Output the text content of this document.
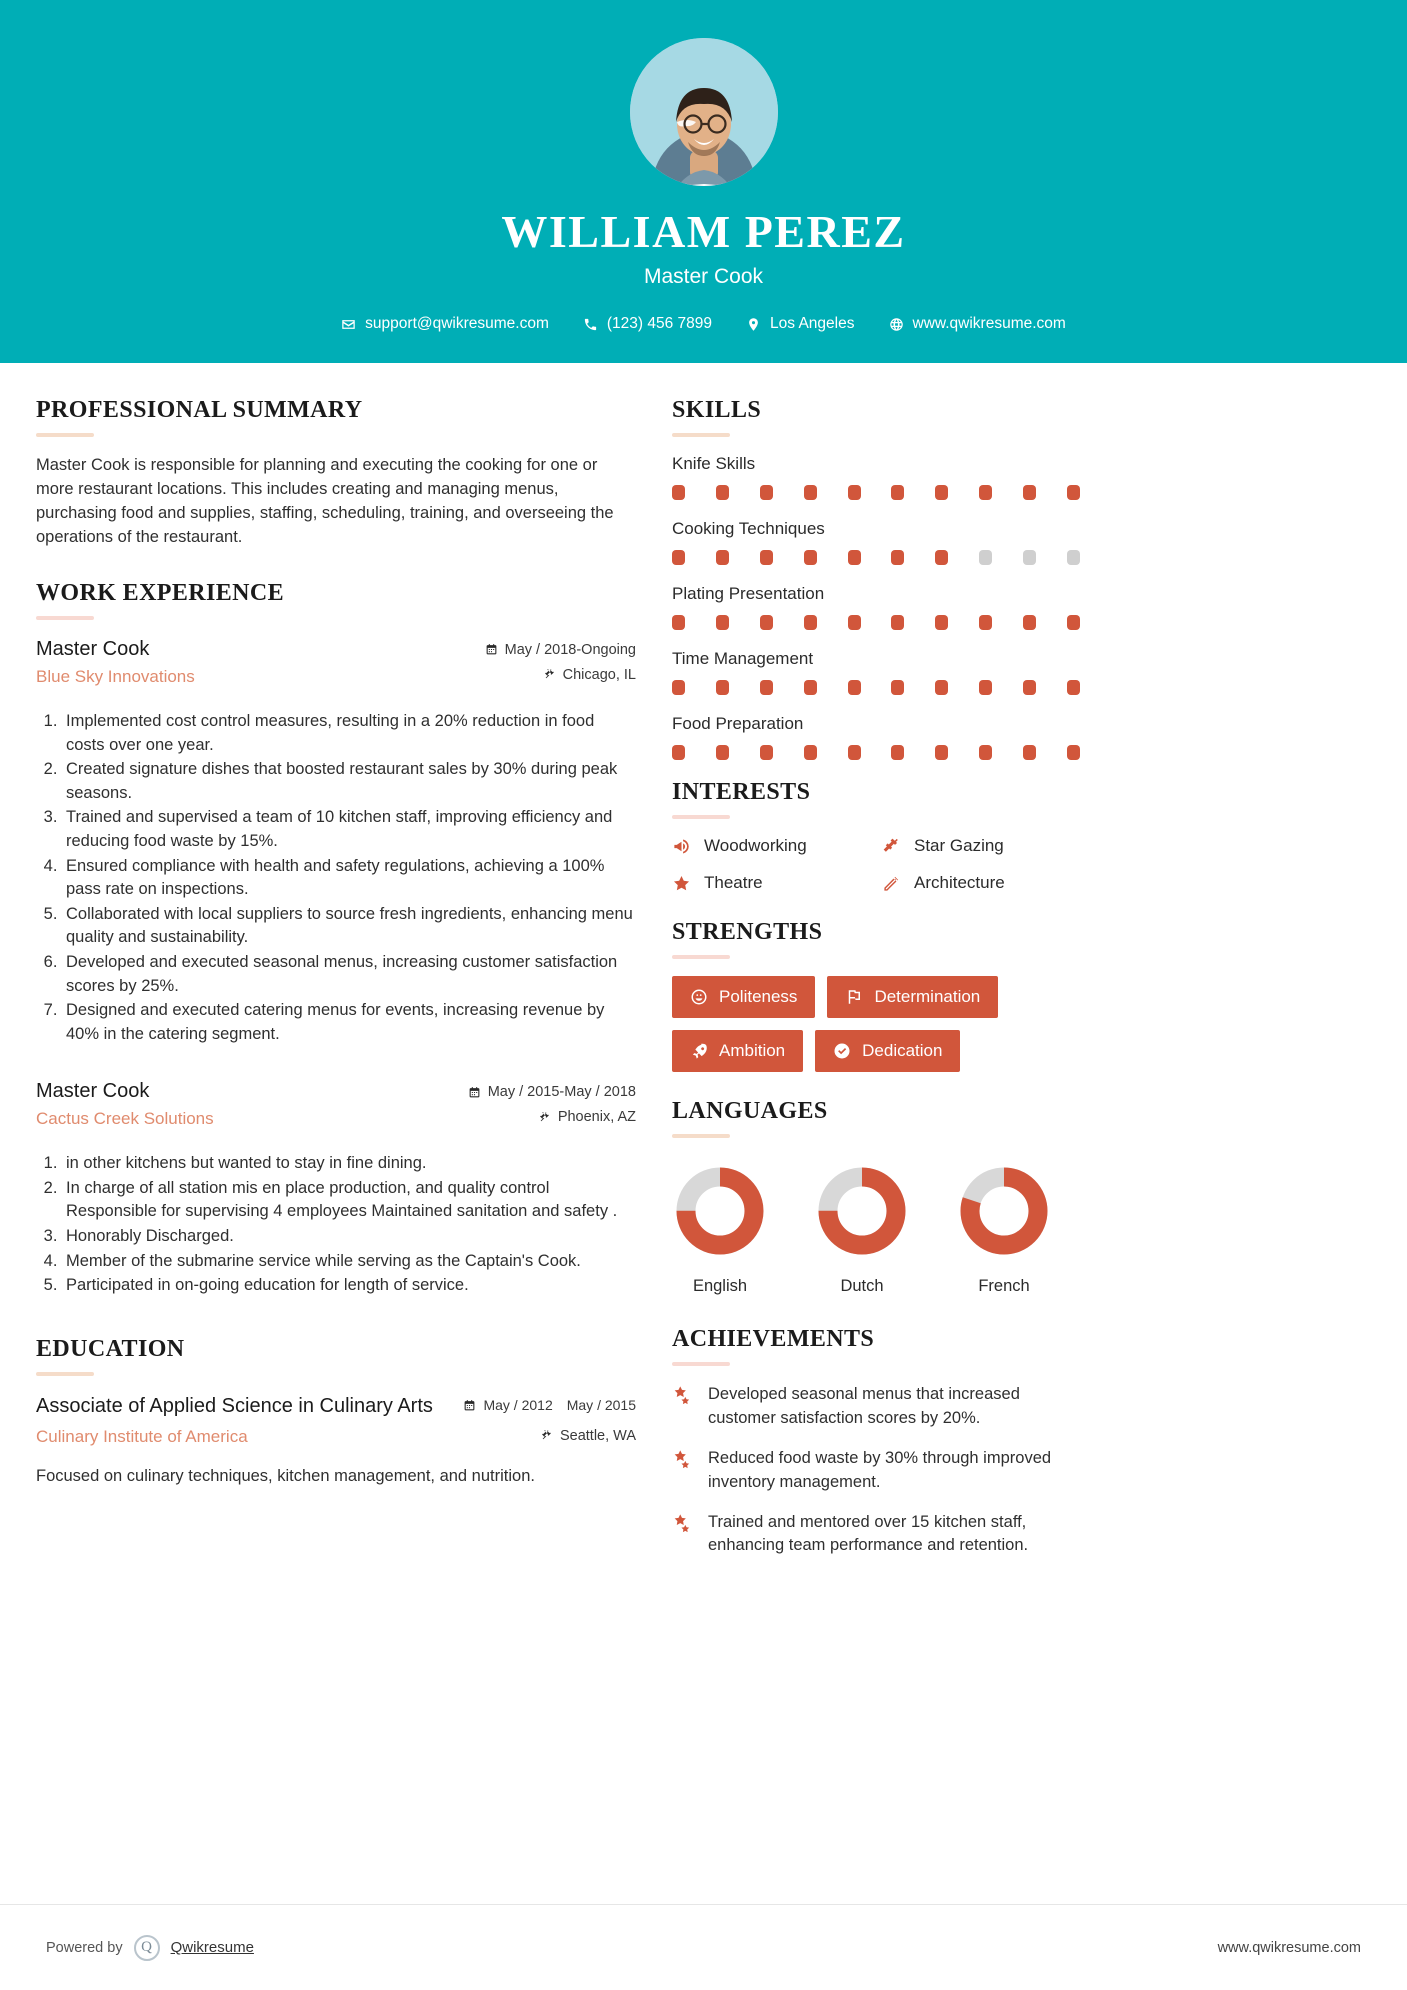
WILLIAM PEREZ
Master Cook
support@qwikresume.com	(123) 456 7899	Los Angeles	www.qwikresume.com
PROFESSIONAL SUMMARY
Master Cook is responsible for planning and executing the cooking for one or more restaurant locations. This includes creating and managing menus, purchasing food and supplies, staffing, scheduling, training, and overseeing the operations of the restaurant.
WORK EXPERIENCE
Master Cook
Blue Sky Innovations
May / 2018-Ongoing
Chicago, IL
1. Implemented cost control measures, resulting in a 20% reduction in food costs over one year.
2. Created signature dishes that boosted restaurant sales by 30% during peak seasons.
3. Trained and supervised a team of 10 kitchen staff, improving efficiency and reducing food waste by 15%.
4. Ensured compliance with health and safety regulations, achieving a 100% pass rate on inspections.
5. Collaborated with local suppliers to source fresh ingredients, enhancing menu quality and sustainability.
6. Developed and executed seasonal menus, increasing customer satisfaction scores by 25%.
7. Designed and executed catering menus for events, increasing revenue by 40% in the catering segment.
Master Cook
Cactus Creek Solutions
May / 2015-May / 2018
Phoenix, AZ
1. in other kitchens but wanted to stay in fine dining.
2. In charge of all station mis en place production, and quality control Responsible for supervising 4 employees Maintained sanitation and safety .
3. Honorably Discharged.
4. Member of the submarine service while serving as the Captain's Cook.
5. Participated in on-going education for length of service.
EDUCATION
Associate of Applied Science in Culinary Arts
Culinary Institute of America
May / 2012 May / 2015
Seattle, WA
Focused on culinary techniques, kitchen management, and nutrition.
SKILLS
Knife Skills
Cooking Techniques
Plating Presentation
Time Management
Food Preparation
INTERESTS
Woodworking	Star Gazing
Theatre	Architecture
STRENGTHS
Politeness	Determination
Ambition	Dedication
LANGUAGES
English	Dutch	French
ACHIEVEMENTS
Developed seasonal menus that increased customer satisfaction scores by 20%.
Reduced food waste by 30% through improved inventory management.
Trained and mentored over 15 kitchen staff, enhancing team performance and retention.
Powered by Q Qwikresume	www.qwikresume.com
